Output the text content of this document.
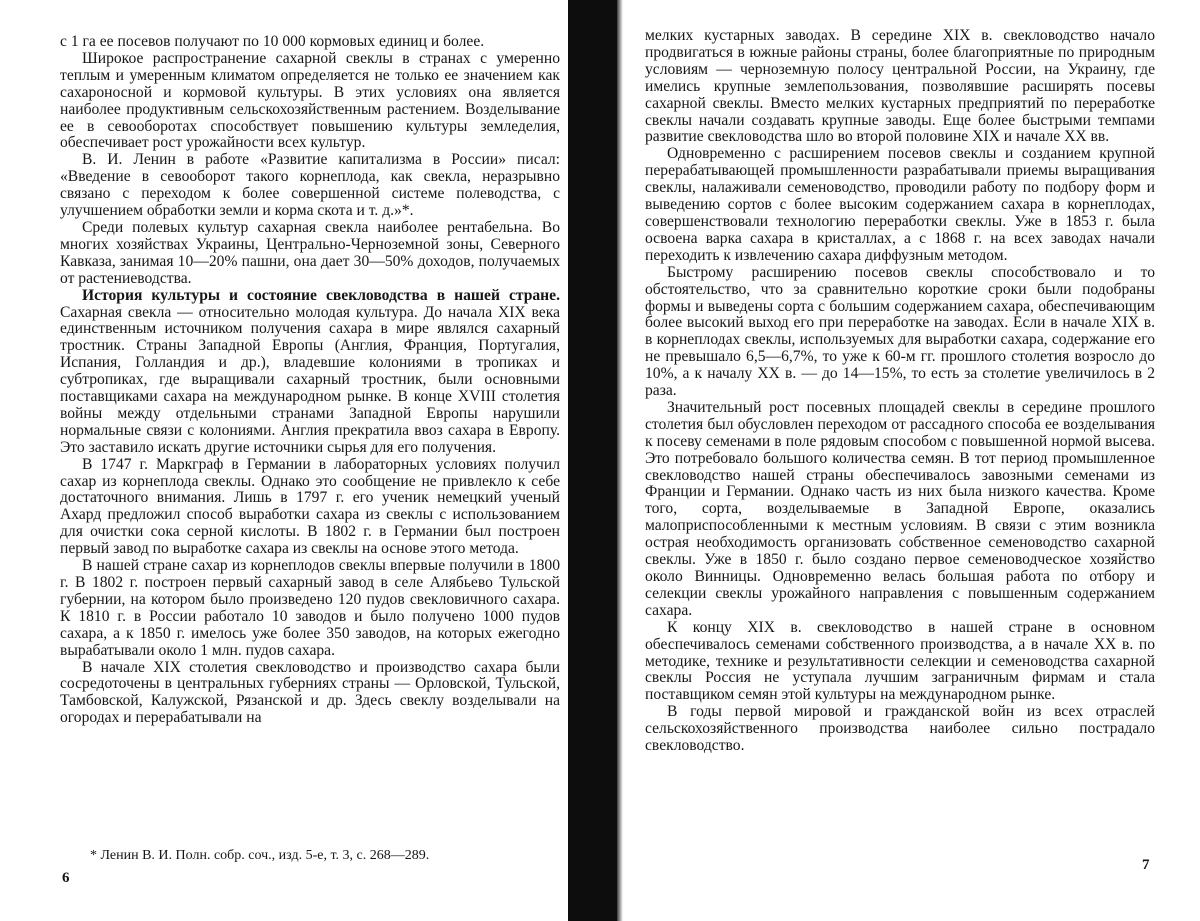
с 1 га ее посевов получают по 10 000 кормовых единиц и более.

Широкое распространение сахарной свеклы в странах с умеренно теплым и умеренным климатом определяется не только ее значением как сахароносной и кормовой культуры. В этих условиях она является наиболее продуктивным сельскохозяйственным растением. Возделывание ее в севооборотах способствует повышению культуры земледелия, обеспечивает рост урожайности всех культур.

В. И. Ленин в работе «Развитие капитализма в России» писал: «Введение в севооборот такого корнеплода, как свекла, неразрывно связано с переходом к более совершенной системе полеводства, с улучшением обработки земли и корма скота и т. д.»*.

Среди полевых культур сахарная свекла наиболее рентабельна. Во многих хозяйствах Украины, Центрально-Черноземной зоны, Северного Кавказа, занимая 10—20% пашни, она дает 30—50% доходов, получаемых от растениеводства.

История культуры и состояние свекловодства в нашей стране. Сахарная свекла — относительно молодая культура. До начала XIX века единственным источником получения сахара в мире являлся сахарный тростник. Страны Западной Европы (Англия, Франция, Португалия, Испания, Голландия и др.), владевшие колониями в тропиках и субтропиках, где выращивали сахарный тростник, были основными поставщиками сахара на международном рынке. В конце XVIII столетия войны между отдельными странами Западной Европы нарушили нормальные связи с колониями. Англия прекратила ввоз сахара в Европу. Это заставило искать другие источники сырья для его получения.

В 1747 г. Маркграф в Германии в лабораторных условиях получил сахар из корнеплода свеклы. Однако это сообщение не привлекло к себе достаточного внимания. Лишь в 1797 г. его ученик немецкий ученый Ахард предложил способ выработки сахара из свеклы с использованием для очистки сока серной кислоты. В 1802 г. в Германии был построен первый завод по выработке сахара из свеклы на основе этого метода.

В нашей стране сахар из корнеплодов свеклы впервые получили в 1800 г. В 1802 г. построен первый сахарный завод в селе Алябьево Тульской губернии, на котором было произведено 120 пудов свекловичного сахара. К 1810 г. в России работало 10 заводов и было получено 1000 пудов сахара, а к 1850 г. имелось уже более 350 заводов, на которых ежегодно вырабатывали около 1 млн. пудов сахара.

В начале XIX столетия свекловодство и производство сахара были сосредоточены в центральных губерниях страны — Орловской, Тульской, Тамбовской, Калужской, Рязанской и др. Здесь свеклу возделывали на огородах и перерабатывали на

* Ленин В. И. Полн. собр. соч., изд. 5-е, т. 3, с. 268—289.
6

мелких кустарных заводах. В середине XIX в. свекловодство начало продвигаться в южные районы страны, более благоприятные по природным условиям — черноземную полосу центральной России, на Украину, где имелись крупные землепользования, позволявшие расширять посевы сахарной свеклы. Вместо мелких кустарных предприятий по переработке свеклы начали создавать крупные заводы. Еще более быстрыми темпами развитие свекловодства шло во второй половине XIX и начале XX вв.

Одновременно с расширением посевов свеклы и созданием крупной перерабатывающей промышленности разрабатывали приемы выращивания свеклы, налаживали семеноводство, проводили работу по подбору форм и выведению сортов с более высоким содержанием сахара в корнеплодах, совершенствовали технологию переработки свеклы. Уже в 1853 г. была освоена варка сахара в кристаллах, а с 1868 г. на всех заводах начали переходить к извлечению сахара диффузным методом.

Быстрому расширению посевов свеклы способствовало и то обстоятельство, что за сравнительно короткие сроки были подобраны формы и выведены сорта с большим содержанием сахара, обеспечивающим более высокий выход его при переработке на заводах. Если в начале XIX в. в корнеплодах свеклы, используемых для выработки сахара, содержание его не превышало 6,5—6,7%, то уже к 60-м гг. прошлого столетия возросло до 10%, а к началу XX в. — до 14—15%, то есть за столетие увеличилось в 2 раза.

Значительный рост посевных площадей свеклы в середине прошлого столетия был обусловлен переходом от рассадного способа ее возделывания к посеву семенами в поле рядовым способом с повышенной нормой высева. Это потребовало большого количества семян. В тот период промышленное свекловодство нашей страны обеспечивалось завозными семенами из Франции и Германии. Однако часть из них была низкого качества. Кроме того, сорта, возделываемые в Западной Европе, оказались малоприспособленными к местным условиям. В связи с этим возникла острая необходимость организовать собственное семеноводство сахарной свеклы. Уже в 1850 г. было создано первое семеноводческое хозяйство около Винницы. Одновременно велась большая работа по отбору и селекции свеклы урожайного направления с повышенным содержанием сахара.

К концу XIX в. свекловодство в нашей стране в основном обеспечивалось семенами собственного производства, а в начале XX в. по методике, технике и результативности селекции и семеноводства сахарной свеклы Россия не уступала лучшим заграничным фирмам и стала поставщиком семян этой культуры на международном рынке.

В годы первой мировой и гражданской войн из всех отраслей сельскохозяйственного производства наиболее сильно пострадало свекловодство.

7
